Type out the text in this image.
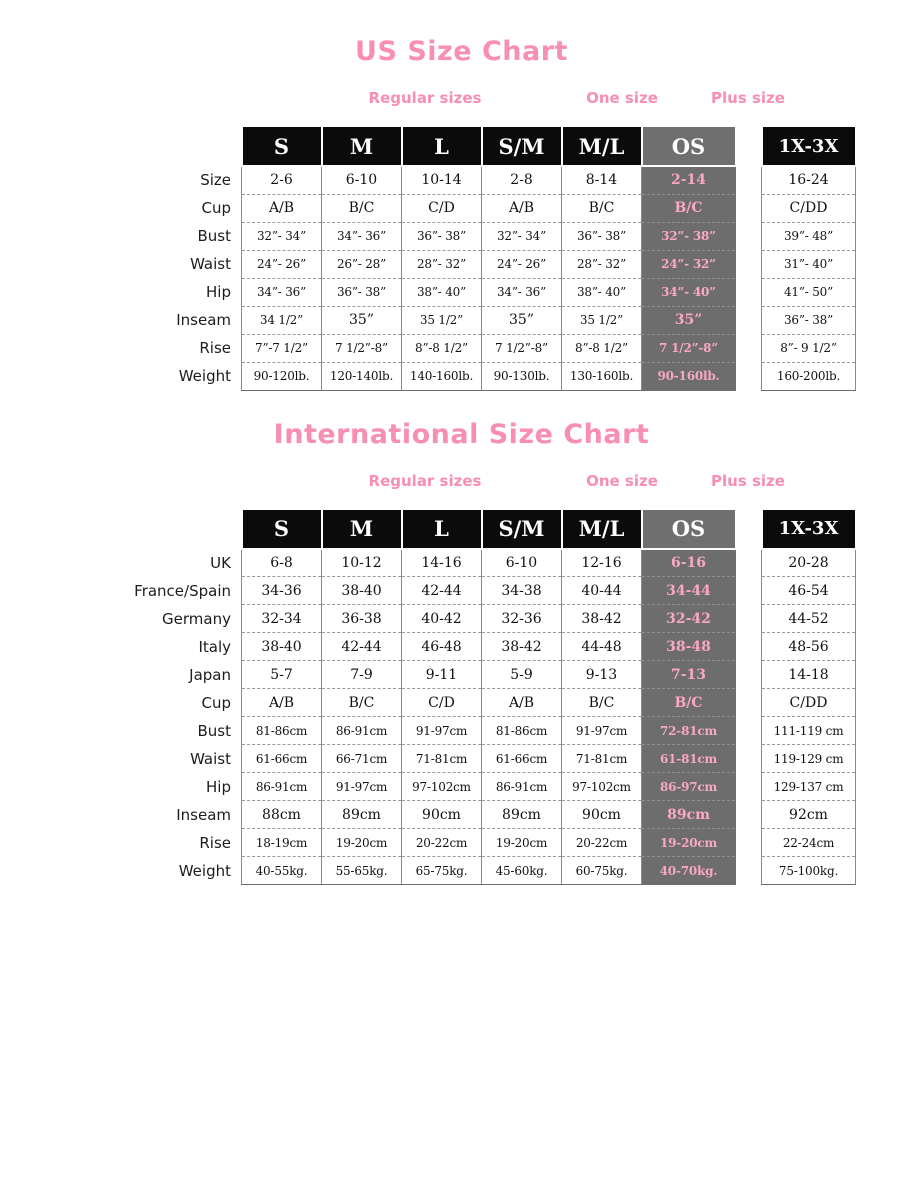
US Size Chart
Regular sizes	One size	Plus size
	S	M	L	S/M	M/L	OS		1X-3X
Size	2-6	6-10	10-14	2-8	8-14	2-14		16-24
Cup	A/B	B/C	C/D	A/B	B/C	B/C		C/DD
Bust	32”- 34”	34”- 36”	36”- 38”	32”- 34”	36”- 38”	32”- 38”		39”- 48”
Waist	24”- 26”	26”- 28”	28”- 32”	24”- 26”	28”- 32”	24”- 32”		31”- 40”
Hip	34”- 36”	36”- 38”	38”- 40”	34”- 36”	38”- 40”	34”- 40”		41”- 50”
Inseam	34 1/2”	35”	35 1/2”	35”	35 1/2”	35”		36”- 38”
Rise	7”-7 1/2”	7 1/2”-8”	8”-8 1/2”	7 1/2”-8”	8”-8 1/2”	7 1/2”-8”		8”- 9 1/2”
Weight	90-120lb.	120-140lb.	140-160lb.	90-130lb.	130-160lb.	90-160lb.		160-200lb.
International Size Chart
Regular sizes	One size	Plus size
	S	M	L	S/M	M/L	OS		1X-3X
UK	6-8	10-12	14-16	6-10	12-16	6-16		20-28
France/Spain	34-36	38-40	42-44	34-38	40-44	34-44		46-54
Germany	32-34	36-38	40-42	32-36	38-42	32-42		44-52
Italy	38-40	42-44	46-48	38-42	44-48	38-48		48-56
Japan	5-7	7-9	9-11	5-9	9-13	7-13		14-18
Cup	A/B	B/C	C/D	A/B	B/C	B/C		C/DD
Bust	81-86cm	86-91cm	91-97cm	81-86cm	91-97cm	72-81cm		111-119 cm
Waist	61-66cm	66-71cm	71-81cm	61-66cm	71-81cm	61-81cm		119-129 cm
Hip	86-91cm	91-97cm	97-102cm	86-91cm	97-102cm	86-97cm		129-137 cm
Inseam	88cm	89cm	90cm	89cm	90cm	89cm		92cm
Rise	18-19cm	19-20cm	20-22cm	19-20cm	20-22cm	19-20cm		22-24cm
Weight	40-55kg.	55-65kg.	65-75kg.	45-60kg.	60-75kg.	40-70kg.		75-100kg.
